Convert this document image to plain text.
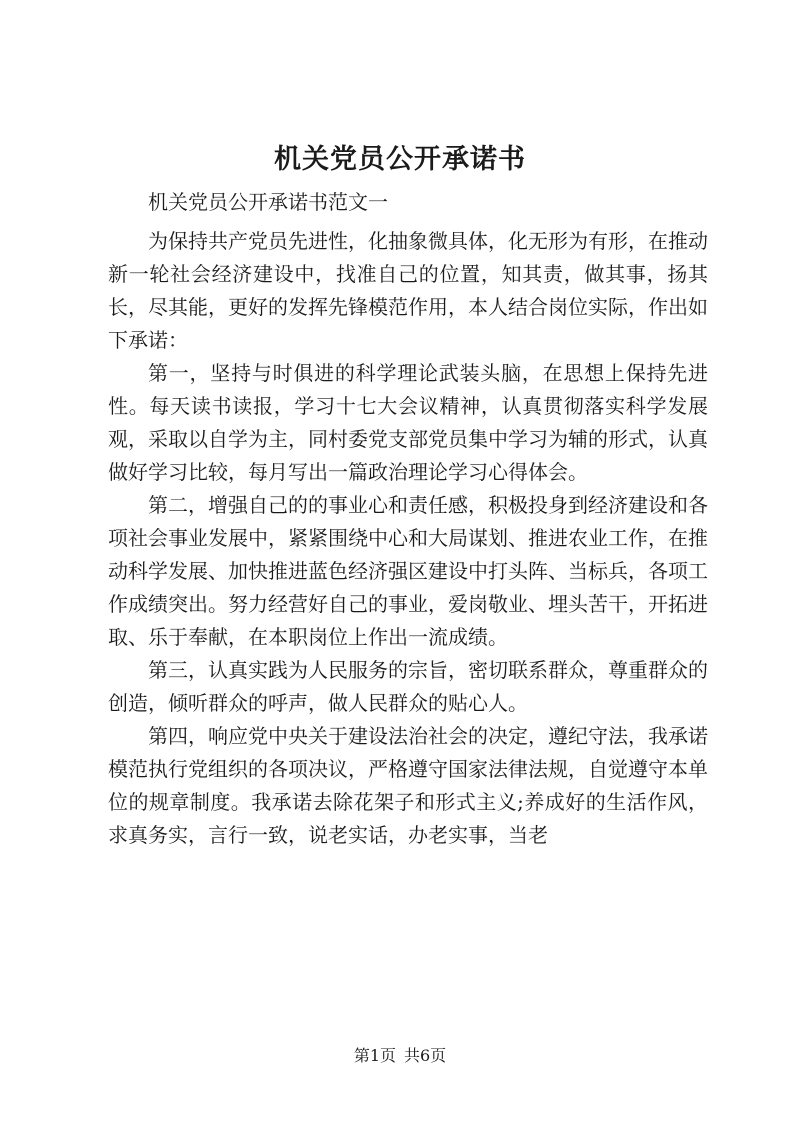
机关党员公开承诺书

机关党员公开承诺书范文一

为保持共产党员先进性，化抽象微具体，化无形为有形，在推动新一轮社会经济建设中，找准自己的位置，知其责，做其事，扬其长，尽其能，更好的发挥先锋模范作用，本人结合岗位实际，作出如下承诺：

第一，坚持与时俱进的科学理论武装头脑，在思想上保持先进性。每天读书读报，学习十七大会议精神，认真贯彻落实科学发展观，采取以自学为主，同村委党支部党员集中学习为辅的形式，认真做好学习比较，每月写出一篇政治理论学习心得体会。

第二，增强自己的的事业心和责任感，积极投身到经济建设和各项社会事业发展中，紧紧围绕中心和大局谋划、推进农业工作，在推动科学发展、加快推进蓝色经济强区建设中打头阵、当标兵，各项工作成绩突出。努力经营好自己的事业，爱岗敬业、埋头苦干，开拓进取、乐于奉献，在本职岗位上作出一流成绩。

第三，认真实践为人民服务的宗旨，密切联系群众，尊重群众的创造，倾听群众的呼声，做人民群众的贴心人。

第四，响应党中央关于建设法治社会的决定，遵纪守法，我承诺模范执行党组织的各项决议，严格遵守国家法律法规，自觉遵守本单位的规章制度。我承诺去除花架子和形式主义;养成好的生活作风，求真务实，言行一致，说老实话，办老实事，当老

第1页 共6页
